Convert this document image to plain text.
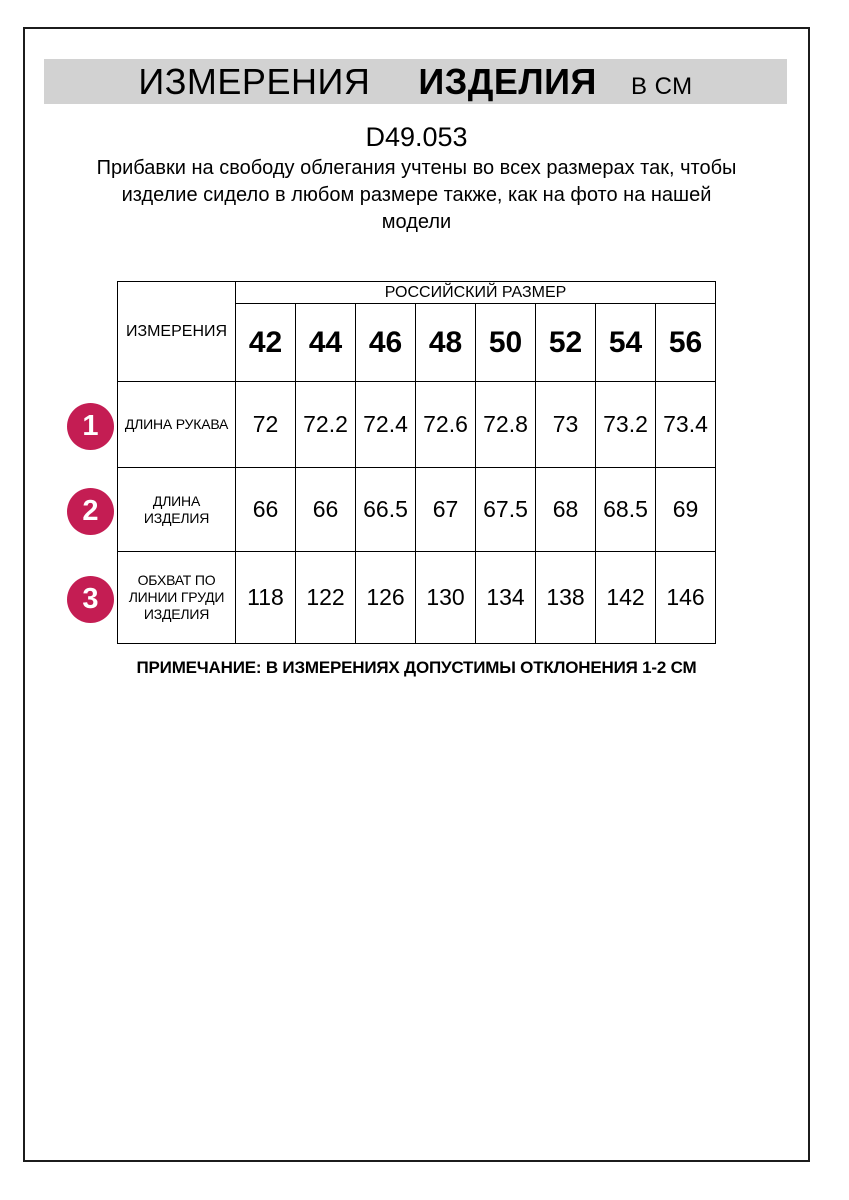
ИЗМЕРЕНИЯ ИЗДЕЛИЯ В СМ
D49.053
Прибавки на свободу облегания учтены во всех размерах так, чтобы
изделие сидело в любом размере также, как на фото на нашей
модели
ИЗМЕРЕНИЯ	РОССИЙСКИЙ РАЗМЕР							
	42	44	46	48	50	52	54	56
ДЛИНА РУКАВА	72	72.2	72.4	72.6	72.8	73	73.2	73.4
ДЛИНА ИЗДЕЛИЯ	66	66	66.5	67	67.5	68	68.5	69
ОБХВАТ ПО ЛИНИИ ГРУДИ ИЗДЕЛИЯ	118	122	126	130	134	138	142	146
1
2
3
ПРИМЕЧАНИЕ: В ИЗМЕРЕНИЯХ ДОПУСТИМЫ ОТКЛОНЕНИЯ 1-2 СМ
